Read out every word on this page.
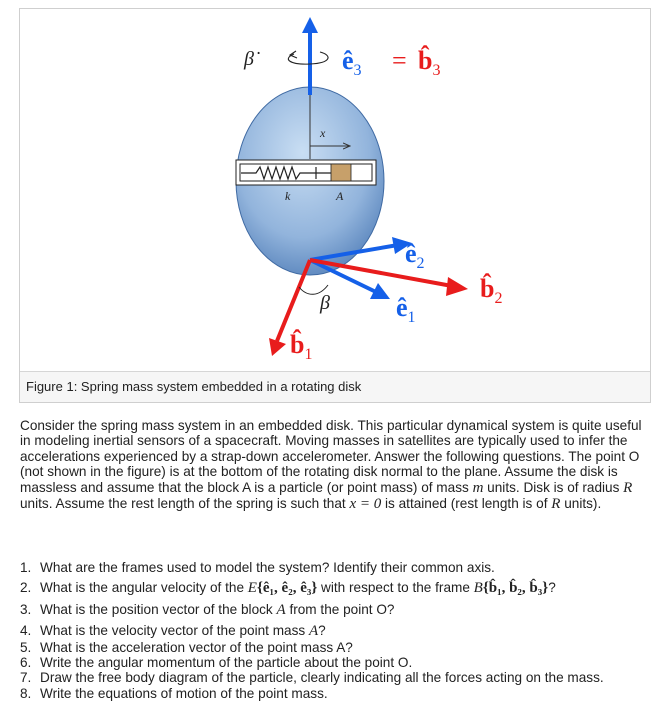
x
k	A
β̇	$ê_3$ = $b̂_3$
β
$ê_2$
$b̂_2$
$ê_1$
$b̂_1$
Figure 1: Spring mass system embedded in a rotating disk
Consider the spring mass system in an embedded disk. This particular dynamical system is quite useful in modeling inertial sensors of a spacecraft. Moving masses in satellites are typically used to infer the accelerations experienced by a strap-down accelerometer. Answer the following questions. The point O (not shown in the figure) is at the bottom of the rotating disk normal to the plane. Assume the disk is massless and assume that the block A is a particle (or point mass) of mass m units. Disk is of radius R units. Assume the rest length of the spring is such that x = 0 is attained (rest length is of R units).
1. What are the frames used to model the system? Identify their common axis.
2. What is the angular velocity of the E{ê₁, ê₂, ê₃} with respect to the frame B{b̂₁, b̂₂, b̂₃}?
3. What is the position vector of the block A from the point O?
4. What is the velocity vector of the point mass A?
5. What is the acceleration vector of the point mass A?
6. Write the angular momentum of the particle about the point O.
7. Draw the free body diagram of the particle, clearly indicating all the forces acting on the mass.
8. Write the equations of motion of the point mass.
